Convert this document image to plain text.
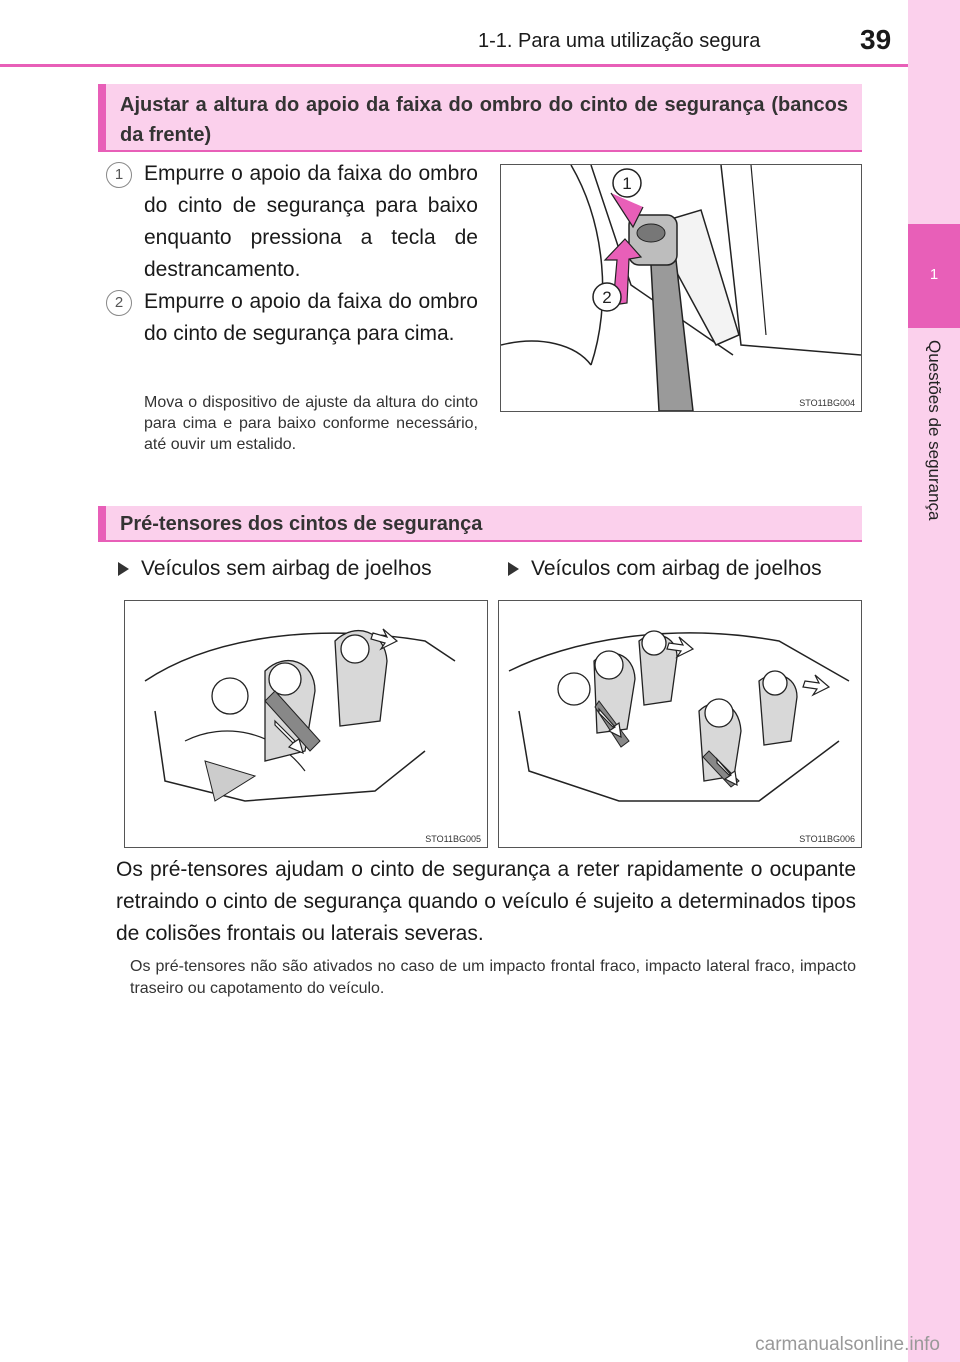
1-1. Para uma utilização segura	39
1
Questões de segurança
Ajustar a altura do apoio da faixa do ombro do cinto de segurança (bancos da frente)
1 Empurre o apoio da faixa do ombro do cinto de segurança para baixo enquanto pressiona a tecla de destrancamento.
2 Empurre o apoio da faixa do ombro do cinto de segurança para cima.
Mova o dispositivo de ajuste da altura do cinto para cima e para baixo conforme necessário, até ouvir um estalido.
1
2
STO11BG004
Pré-tensores dos cintos de segurança
Veículos sem airbag de joelhos	Veículos com airbag de joelhos
STO11BG005	STO11BG006
Os pré-tensores ajudam o cinto de segurança a reter rapidamente o ocupante retraindo o cinto de segurança quando o veículo é sujeito a determinados tipos de colisões frontais ou laterais severas.
Os pré-tensores não são ativados no caso de um impacto frontal fraco, impacto lateral fraco, impacto traseiro ou capotamento do veículo.
carmanualsonline.info
